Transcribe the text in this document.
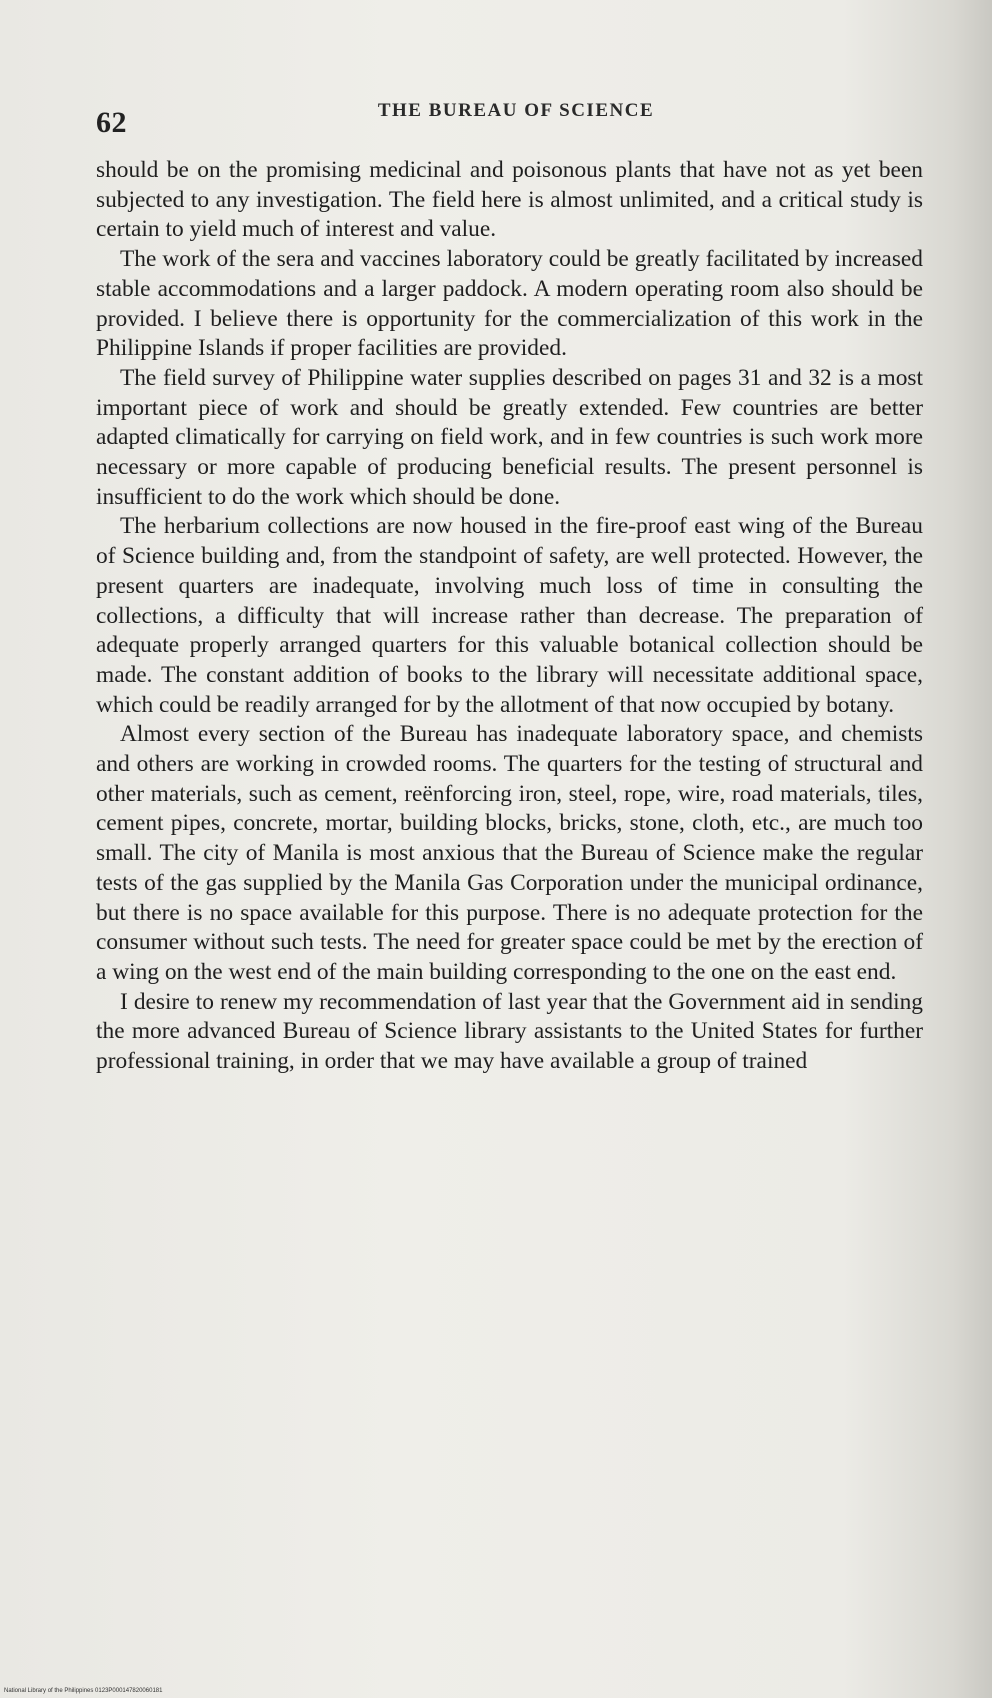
62	THE BUREAU OF SCIENCE

should be on the promising medicinal and poisonous plants that have not as yet been subjected to any investigation. The field here is almost unlimited, and a critical study is certain to yield much of interest and value.

The work of the sera and vaccines laboratory could be greatly facilitated by increased stable accommodations and a larger paddock. A modern operating room also should be provided. I believe there is opportunity for the commercialization of this work in the Philippine Islands if proper facilities are provided.

The field survey of Philippine water supplies described on pages 31 and 32 is a most important piece of work and should be greatly extended. Few countries are better adapted climatically for carrying on field work, and in few countries is such work more necessary or more capable of producing beneficial results. The present personnel is insufficient to do the work which should be done.

The herbarium collections are now housed in the fire-proof east wing of the Bureau of Science building and, from the standpoint of safety, are well protected. However, the present quarters are inadequate, involving much loss of time in consulting the collections, a difficulty that will increase rather than decrease. The preparation of adequate properly arranged quarters for this valuable botanical collection should be made. The constant addition of books to the library will necessitate additional space, which could be readily arranged for by the allotment of that now occupied by botany.

Almost every section of the Bureau has inadequate laboratory space, and chemists and others are working in crowded rooms. The quarters for the testing of structural and other materials, such as cement, reënforcing iron, steel, rope, wire, road materials, tiles, cement pipes, concrete, mortar, building blocks, bricks, stone, cloth, etc., are much too small. The city of Manila is most anxious that the Bureau of Science make the regular tests of the gas supplied by the Manila Gas Corporation under the municipal ordinance, but there is no space available for this purpose. There is no adequate protection for the consumer without such tests. The need for greater space could be met by the erection of a wing on the west end of the main building corresponding to the one on the east end.

I desire to renew my recommendation of last year that the Government aid in sending the more advanced Bureau of Science library assistants to the United States for further professional training, in order that we may have available a group of trained

National Library of the Philippines 0123P000147820060181
